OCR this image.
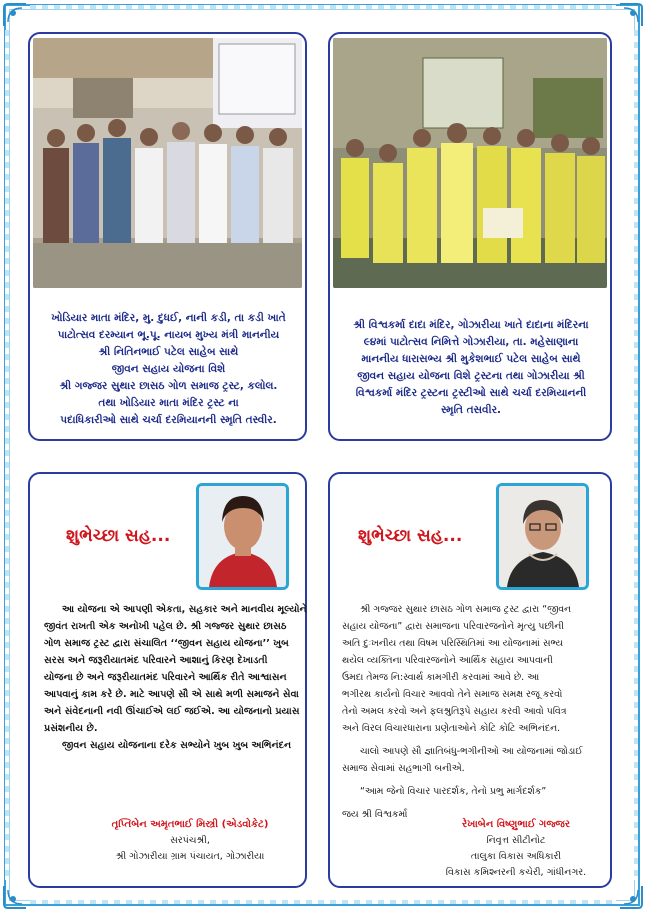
ખોડિયાર માતા મંદિર, મુ. દુધઈ, નાની કડી, તા કડી ખાતે
પાટોત્સવ દરમ્યાન ભૂ.પૂ. નાયબ મુખ્ય મંત્રી માનનીય
શ્રી નિતિનભાઈ પટેલ સાહેબ સાથે
જીવન સહાય યોજના વિશે
શ્રી ગજ્જર સુથાર છાસઠ ગોળ સમાજ ટ્રસ્ટ, કલોલ.
તથા ખોડિયાર માતા મંદિર ટ્રસ્ટ ના
પદાધિકારીઓ સાથે ચર્ચા દરમિયાનની સ્મૃતિ તસ્વીર.
શ્રી વિશ્વકર્મા દાદા મંદિર, ગોઝારીયા ખાતે દાદાના મંદિરના
૯૪માં પાટોત્સવ નિમિત્તે ગોઝારીયા, તા. મહેસાણાના
માનનીય ધારાસભ્ય શ્રી મુકેશભાઈ પટેલ સાહેબ સાથે
જીવન સહાય યોજના વિશે ટ્રસ્ટના તથા ગોઝારીયા શ્રી
વિશ્વકર્મા મંદિર ટ્રસ્ટના ટ્રસ્ટીઓ સાથે ચર્ચા દરમિયાનની
સ્મૃતિ તસવીર.
શુભેચ્છા સહ...
આ યોજના એ આપણી એકતા, સહકાર અને માનવીય મૂલ્યોને
જીવંત રાખતી એક અનોખી પહેલ છે. શ્રી ગજ્જર સુથાર છાસઠ
ગોળ સમાજ ટ્રસ્ટ દ્વારા સંચાલિત ‘‘જીવન સહાય યોજના’’ ખુબ
સરસ અને જરૂરીયાતમંદ પરિવારને આશાનું કિરણ દેખાડતી
યોજના છે અને જરૂરીયાતમંદ પરિવારને આર્થિક રીતે આશ્વાસન
આપવાનું કામ કરે છે. માટે આપણે સૌ એ સાથે મળી સમાજને સેવા
અને સંવેદનાની નવી ઊંચાઈએ લઈ જઈએ. આ યોજનાનો પ્રયાસ
પ્રસંશનીય છે.
જીવન સહાય યોજનાના દરેક સભ્યોને ખુબ ખુબ અભિનંદન
તૃપ્તિબેન અમૃતભાઈ મિસ્ત્રી (એડવોકેટ)
સરપંચશ્રી,
શ્રી ગોઝારીયા ગ્રામ પંચાયત, ગોઝારીયા
શુભેચ્છા સહ...
શ્રી ગજ્જર સુથાર છાસઠ ગોળ સમાજ ટ્રસ્ટ દ્વારા “જીવન
સહાય યોજના” દ્વારા સમાજના પરિવારજનોને મૃત્યુ પછીની
અતિ દુઃખનીય તથા વિષમ પરિસ્થિતિમાં આ યોજનામાં સભ્ય
થયેલ વ્યક્તિના પરિવારજનોને આર્થિક સહાય આપવાની
ઉમદા તેમજ નિ:સ્વાર્થ કામગીરી કરવામાં આવે છે. આ
ભગીરથ કાર્યનો વિચાર આવવો તેને સમાજ સમક્ષ રજૂ કરવો
તેનો અમલ કરવો અને ફલશ્રુતિરૂપે સહાય કરવી આવો પવિત્ર
અને વિરલ વિચારધારાના પ્રણેતાઓને કોટિ કોટિ અભિનંદન.
ચાલો આપણે સૌ જ્ઞાતિબંધુ-ભગીનીઓ આ યોજનામાં જોડાઈ
સમાજ સેવામાં સહભાગી બનીએ.
“આમ જેનો વિચાર પારદર્શક, તેનો પ્રભુ માર્ગદર્શક”
જય શ્રી વિશ્વકર્મા
રેખાબેન વિષ્ણુભાઈ ગજ્જર
નિવૃત્ત સીટીનોટ
તાલુકા વિકાસ અધિકારી
વિકાસ કમિશ્નરની કચેરી, ગાંધીનગર.
